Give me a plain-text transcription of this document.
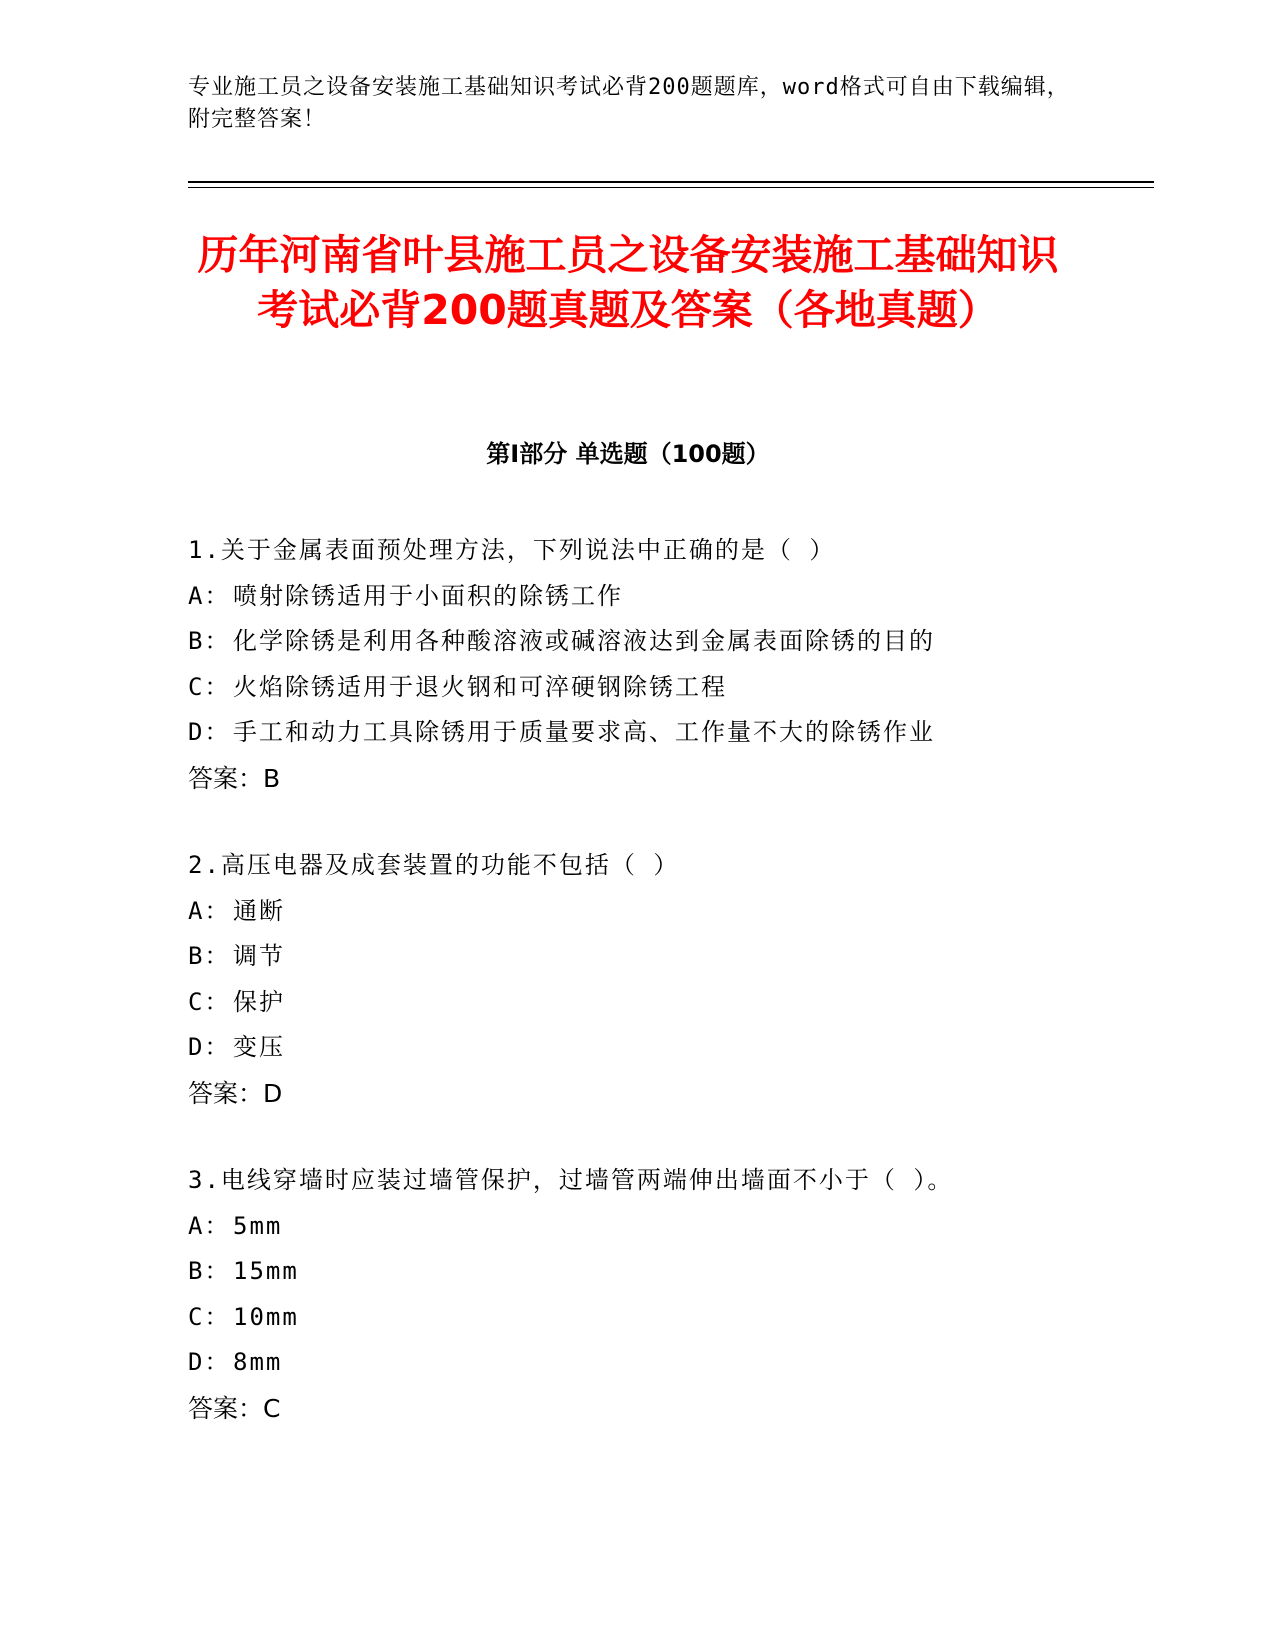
专业施工员之设备安装施工基础知识考试必背200题题库，word格式可自由下载编辑，附完整答案！
历年河南省叶县施工员之设备安装施工基础知识考试必背200题真题及答案（各地真题）
第Ⅰ部分 单选题（100题）
1.关于金属表面预处理方法，下列说法中正确的是（ ）
A： 喷射除锈适用于小面积的除锈工作
B： 化学除锈是利用各种酸溶液或碱溶液达到金属表面除锈的目的
C： 火焰除锈适用于退火钢和可淬硬钢除锈工程
D： 手工和动力工具除锈用于质量要求高、工作量不大的除锈作业
答案：B
2.高压电器及成套装置的功能不包括（ ）
A： 通断
B： 调节
C： 保护
D： 变压
答案：D
3.电线穿墙时应装过墙管保护，过墙管两端伸出墙面不小于（ ）。
A： 5mm
B： 15mm
C： 10mm
D： 8mm
答案：C
